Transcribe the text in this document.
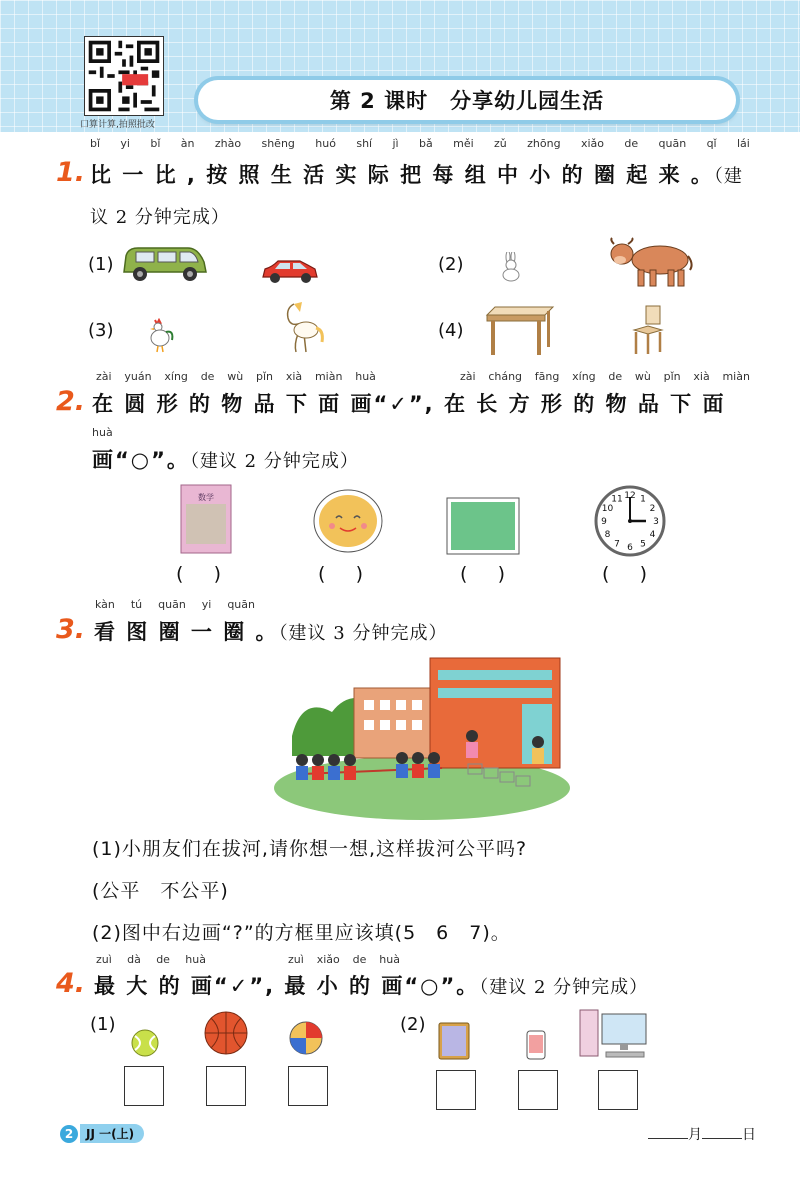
口算计算,拍照批改
第 2 课时　分享幼儿园生活
bǐ yi bǐ àn zhào shēng huó shí jì bǎ měi zǔ zhōng xiǎo de quān qǐ lái
1. 比 一 比 , 按 照 生 活 实 际 把 每 组 中 小 的 圈 起 来 。（建
议 2 分钟完成）
(1)	(2)
(3)	(4)
zài yuán xíng de wù pǐn xià miàn huà	zài cháng fāng xíng de wù pǐn xià miàn
2. 在 圆 形 的 物 品 下 面 画“✓”, 在 长 方 形 的 物 品 下 面
huà
画“○”。（建议 2 分钟完成）
数学	1
2
3
4
5
6
7
8
9
10
11 12
(     )	(     )	(     )	(     )
kàn tú quān yi quān
3. 看 图 圈 一 圈 。（建议 3 分钟完成）
(1)小朋友们在拔河,请你想一想,这样拔河公平吗?
(公平　不公平)
(2)图中右边画“?”的方框里应该填(5　6　7)。
zuì dà de huà	zuì xiǎo de huà
4. 最 大 的 画“✓”, 最 小 的 画“○”。（建议 2 分钟完成）
(1)	(2)
2	JJ 一(上)	月	日
